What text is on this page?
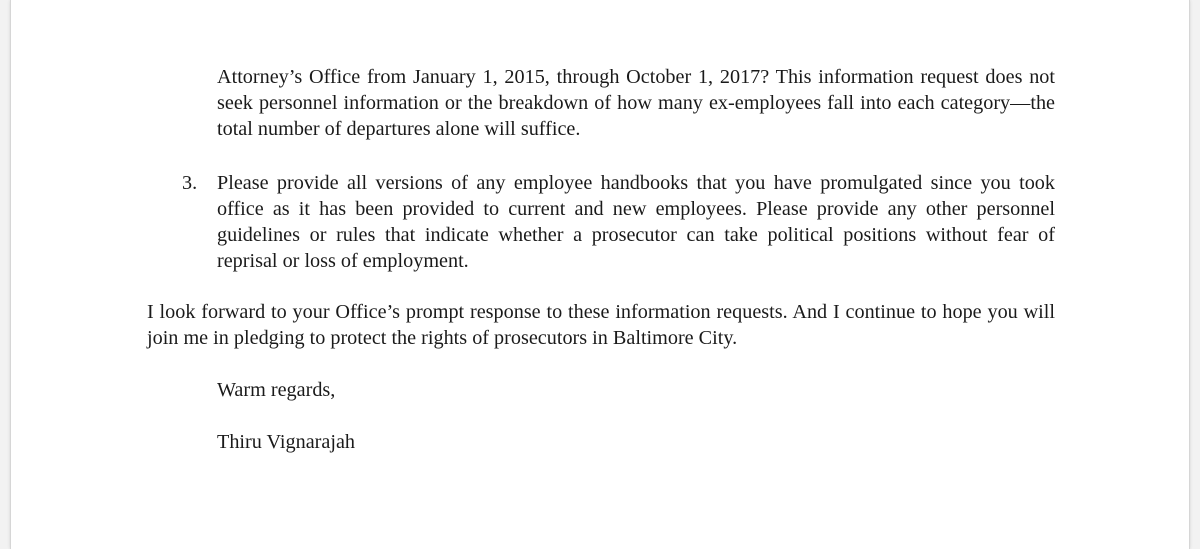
Attorney’s Office from January 1, 2015, through October 1, 2017? This information request does not seek personnel information or the breakdown of how many ex-employees fall into each category—the total number of departures alone will suffice.

3. Please provide all versions of any employee handbooks that you have promulgated since you took office as it has been provided to current and new employees. Please provide any other personnel guidelines or rules that indicate whether a prosecutor can take political positions without fear of reprisal or loss of employment.

I look forward to your Office’s prompt response to these information requests. And I continue to hope you will join me in pledging to protect the rights of prosecutors in Baltimore City.

Warm regards,
Thiru Vignarajah
